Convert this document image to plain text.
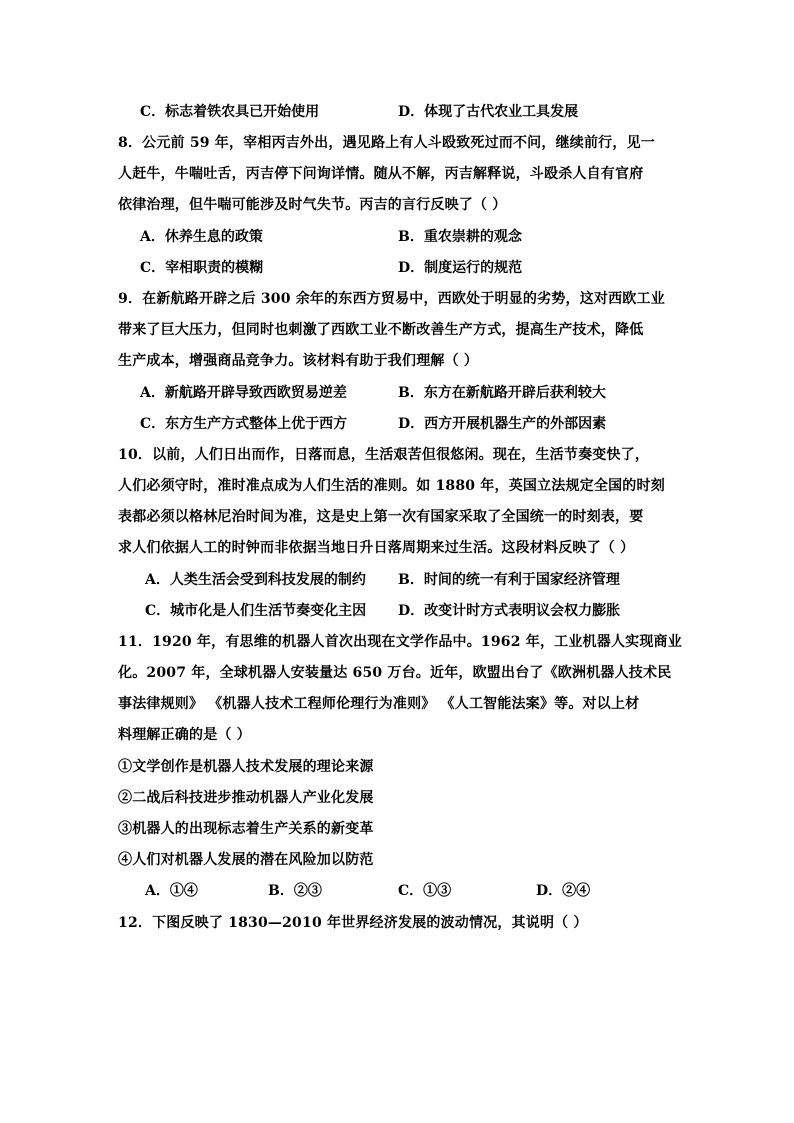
C．标志着铁农具已开始使用	D．体现了古代农业工具发展
8．公元前 59 年，宰相丙吉外出，遇见路上有人斗殴致死过而不问，继续前行，见一
人赶牛，牛喘吐舌，丙吉停下问询详情。随从不解，丙吉解释说，斗殴杀人自有官府
依律治理，但牛喘可能涉及时气失节。丙吉的言行反映了（ ）
A．休养生息的政策	B．重农崇耕的观念
C．宰相职责的模糊	D．制度运行的规范
9．在新航路开辟之后 300 余年的东西方贸易中，西欧处于明显的劣势，这对西欧工业
带来了巨大压力，但同时也刺激了西欧工业不断改善生产方式，提高生产技术，降低
生产成本，增强商品竞争力。该材料有助于我们理解（ ）
A．新航路开辟导致西欧贸易逆差	B．东方在新航路开辟后获利较大
C．东方生产方式整体上优于西方	D．西方开展机器生产的外部因素
10．以前，人们日出而作，日落而息，生活艰苦但很悠闲。现在，生活节奏变快了，
人们必须守时，准时准点成为人们生活的准则。如 1880 年，英国立法规定全国的时刻
表都必须以格林尼治时间为准，这是史上第一次有国家采取了全国统一的时刻表，要
求人们依据人工的时钟而非依据当地日升日落周期来过生活。这段材料反映了（ ）
A．人类生活会受到科技发展的制约 B．时间的统一有利于国家经济管理
C．城市化是人们生活节奏变化主因 D．改变计时方式表明议会权力膨胀
11．1920 年，有思维的机器人首次出现在文学作品中。1962 年，工业机器人实现商业
化。2007 年，全球机器人安装量达 650 万台。近年，欧盟出台了《欧洲机器人技术民
事法律规则》 《机器人技术工程师伦理行为准则》 《人工智能法案》等。对以上材
料理解正确的是（ ）
①文学创作是机器人技术发展的理论来源
②二战后科技进步推动机器人产业化发展
③机器人的出现标志着生产关系的新变革
④人们对机器人发展的潜在风险加以防范
A．①④	B．②③	C．①③	D．②④
12．下图反映了 1830—2010 年世界经济发展的波动情况，其说明（ ）
